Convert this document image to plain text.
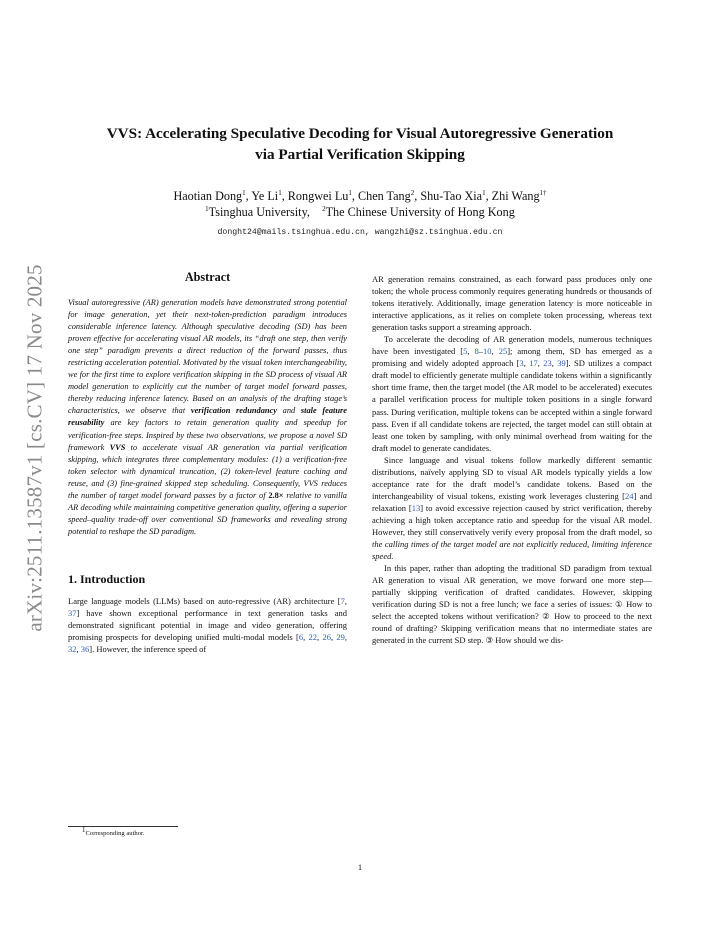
arXiv:2511.13587v1 [cs.CV] 17 Nov 2025
VVS: Accelerating Speculative Decoding for Visual Autoregressive Generation
via Partial Verification Skipping
Haotian Dong$^1$, Ye Li$^1$, Rongwei Lu$^1$, Chen Tang$^2$, Shu-Tao Xia$^1$, Zhi Wang$^{1\dagger}$
$^1$Tsinghua University, $^2$The Chinese University of Hong Kong
donght24@mails.tsinghua.edu.cn, wangzhi@sz.tsinghua.edu.cn
Abstract

Visual autoregressive (AR) generation models have demonstrated strong potential for image generation, yet their next-token-prediction paradigm introduces considerable inference latency. Although speculative decoding (SD) has been proven effective for accelerating visual AR models, its “draft one step, then verify one step” paradigm prevents a direct reduction of the forward passes, thus restricting acceleration potential. Motivated by the visual token interchangeability, we for the first time to explore verification skipping in the SD process of visual AR model generation to explicitly cut the number of target model forward passes, thereby reducing inference latency. Based on an analysis of the drafting stage’s characteristics, we observe that verification redundancy and stale feature reusability are key factors to retain generation quality and speedup for verification-free steps. Inspired by these two observations, we propose a novel SD framework VVS to accelerate visual AR generation via partial verification skipping, which integrates three complementary modules: (1) a verification-free token selector with dynamical truncation, (2) token-level feature caching and reuse, and (3) fine-grained skipped step scheduling. Consequently, VVS reduces the number of target model forward passes by a factor of 2.8× relative to vanilla AR decoding while maintaining competitive generation quality, offering a superior speed–quality trade-off over conventional SD frameworks and revealing strong potential to reshape the SD paradigm.

1. Introduction

Large language models (LLMs) based on auto-regressive (AR) architecture [7, 37] have shown exceptional performance in text generation tasks and demonstrated significant potential in image and video generation, offering promising prospects for developing unified multi-modal models [6, 22, 26, 29, 32, 36]. However, the inference speed of

$^1$Corresponding author.

AR generation remains constrained, as each forward pass produces only one token; the whole process commonly requires generating hundreds or thousands of tokens iteratively. Additionally, image generation latency is more noticeable in interactive applications, as it relies on complete token processing, whereas text generation tasks support a streaming approach.

To accelerate the decoding of AR generation models, numerous techniques have been investigated [5, 8–10, 25]; among them, SD has emerged as a promising and widely adopted approach [3, 17, 23, 39]. SD utilizes a compact draft model to efficiently generate multiple candidate tokens within a significantly short time frame, then the target model (the AR model to be accelerated) executes a parallel verification process for multiple token positions in a single forward pass. During verification, multiple tokens can be accepted within a single forward pass. Even if all candidate tokens are rejected, the target model can still obtain at least one token by sampling, with only minimal overhead from waiting for the draft model to generate candidates.

Since language and visual tokens follow markedly different semantic distributions, naïvely applying SD to visual AR models typically yields a low acceptance rate for the draft model’s candidate tokens. Based on the interchangeability of visual tokens, existing work leverages clustering [24] and relaxation [13] to avoid excessive rejection caused by strict verification, thereby achieving a high token acceptance ratio and speedup for the visual AR model. However, they still conservatively verify every proposal from the draft model, so the calling times of the target model are not explicitly reduced, limiting inference speed.

In this paper, rather than adopting the traditional SD paradigm from textual AR generation to visual AR generation, we move forward one more step—partially skipping verification of drafted candidates. However, skipping verification during SD is not a free lunch; we face a series of issues: ① How to select the accepted tokens without verification? ② How to proceed to the next round of drafting? Skipping verification means that no intermediate states are generated in the current SD step. ③ How should we dis-

1
